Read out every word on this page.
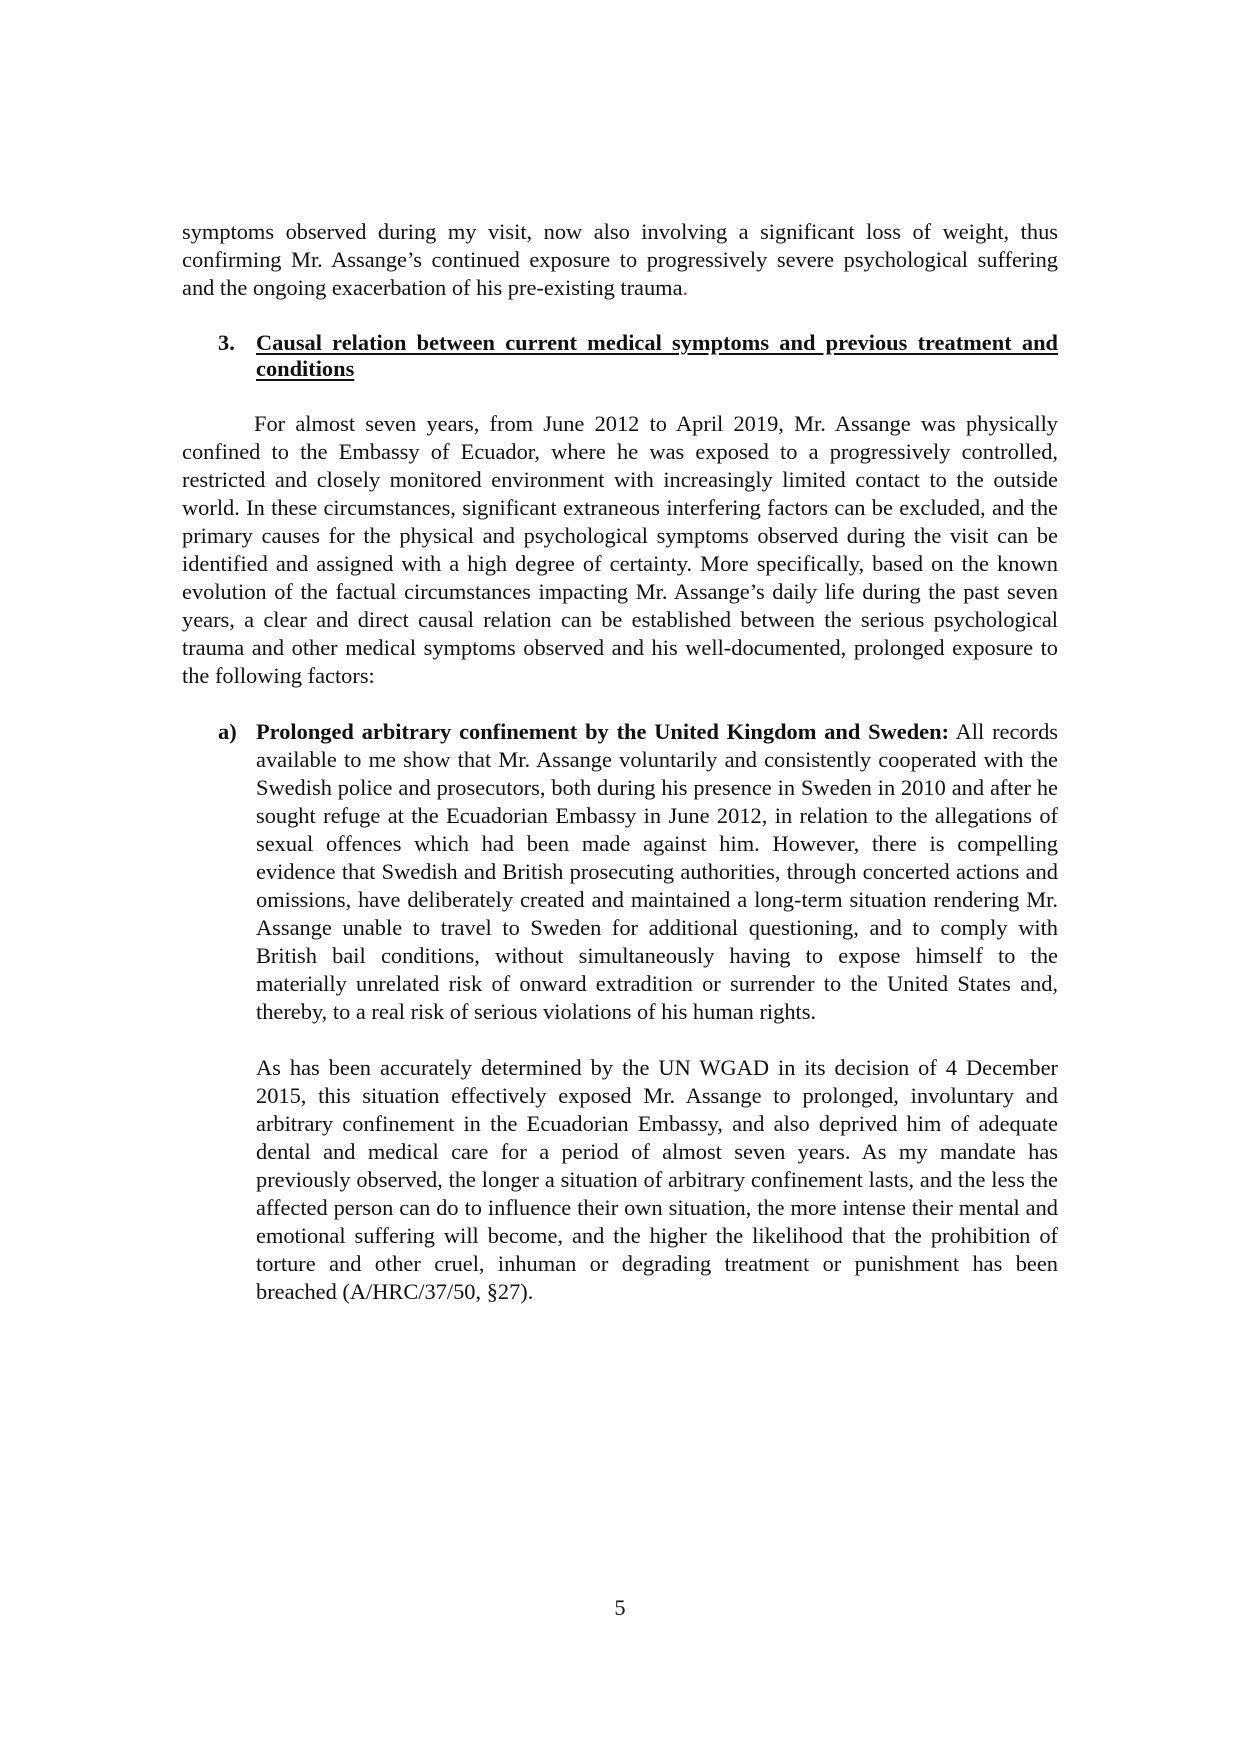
symptoms observed during my visit, now also involving a significant loss of weight, thus confirming Mr. Assange’s continued exposure to progressively severe psychological suffering and the ongoing exacerbation of his pre-existing trauma.

3. Causal relation between current medical symptoms and previous treatment and conditions

For almost seven years, from June 2012 to April 2019, Mr. Assange was physically confined to the Embassy of Ecuador, where he was exposed to a progressively controlled, restricted and closely monitored environment with increasingly limited contact to the outside world. In these circumstances, significant extraneous interfering factors can be excluded, and the primary causes for the physical and psychological symptoms observed during the visit can be identified and assigned with a high degree of certainty. More specifically, based on the known evolution of the factual circumstances impacting Mr. Assange’s daily life during the past seven years, a clear and direct causal relation can be established between the serious psychological trauma and other medical symptoms observed and his well-documented, prolonged exposure to the following factors:

a) Prolonged arbitrary confinement by the United Kingdom and Sweden: All records available to me show that Mr. Assange voluntarily and consistently cooperated with the Swedish police and prosecutors, both during his presence in Sweden in 2010 and after he sought refuge at the Ecuadorian Embassy in June 2012, in relation to the allegations of sexual offences which had been made against him. However, there is compelling evidence that Swedish and British prosecuting authorities, through concerted actions and omissions, have deliberately created and maintained a long-term situation rendering Mr. Assange unable to travel to Sweden for additional questioning, and to comply with British bail conditions, without simultaneously having to expose himself to the materially unrelated risk of onward extradition or surrender to the United States and, thereby, to a real risk of serious violations of his human rights.

As has been accurately determined by the UN WGAD in its decision of 4 December 2015, this situation effectively exposed Mr. Assange to prolonged, involuntary and arbitrary confinement in the Ecuadorian Embassy, and also deprived him of adequate dental and medical care for a period of almost seven years. As my mandate has previously observed, the longer a situation of arbitrary confinement lasts, and the less the affected person can do to influence their own situation, the more intense their mental and emotional suffering will become, and the higher the likelihood that the prohibition of torture and other cruel, inhuman or degrading treatment or punishment has been breached (A/HRC/37/50, §27).

5
